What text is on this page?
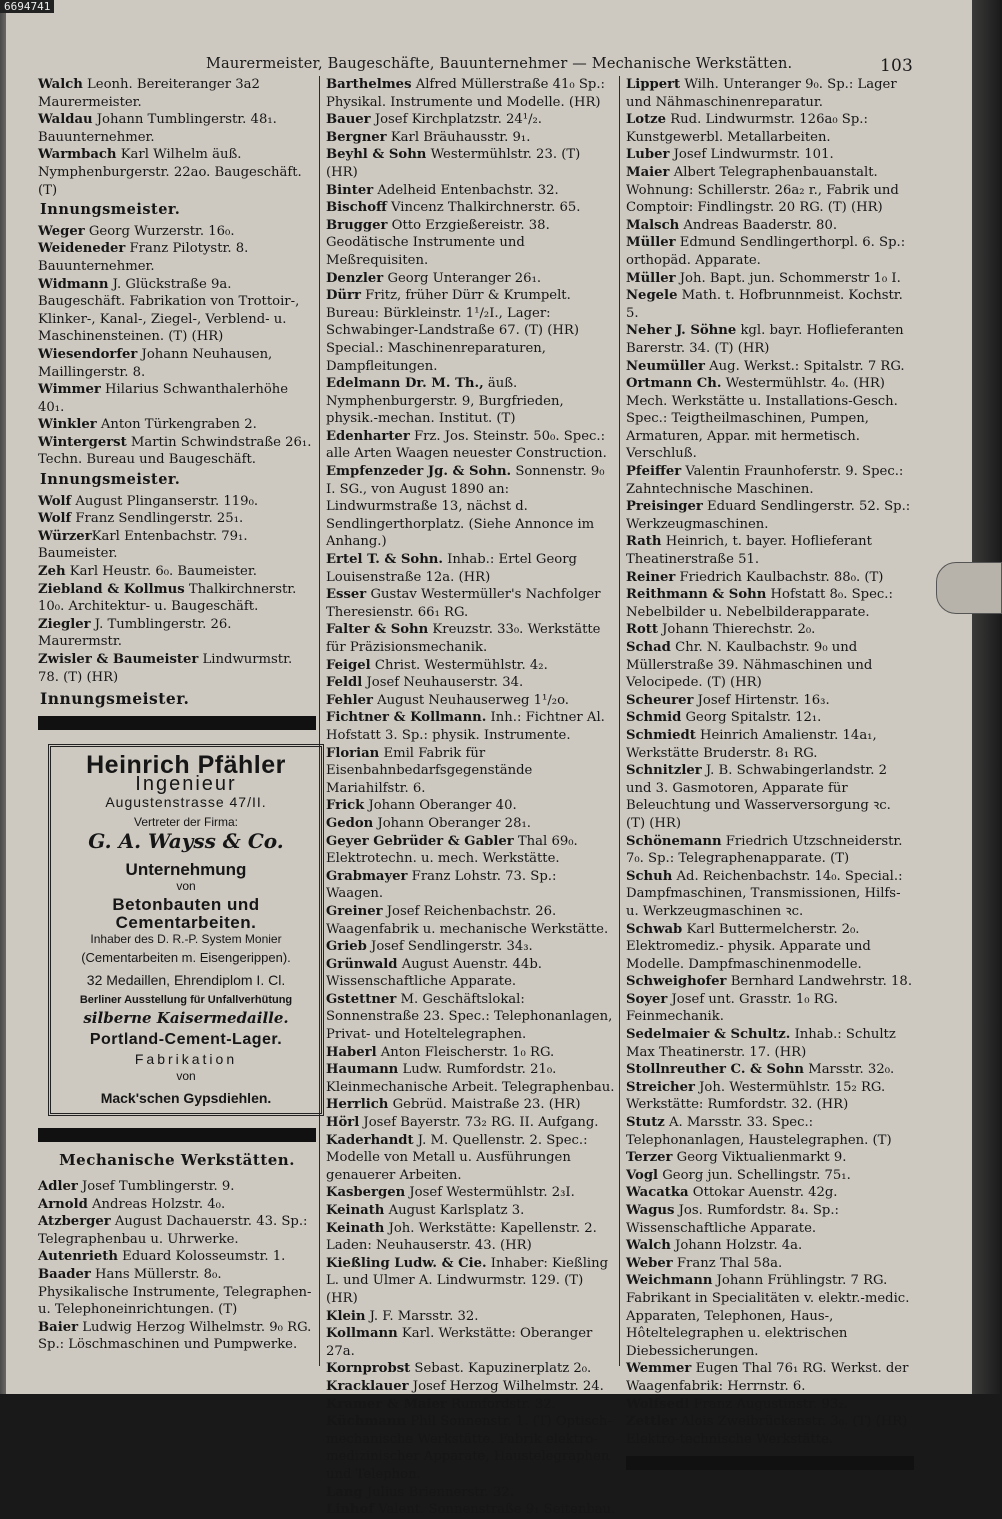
Maurermeister, Baugeschäfte, Bauunternehmer — Mechanische Werkstätten.	103

Walch Leonh. Bereiteranger 3a2 Maurermeister.

Waldau Johann Tumblingerstr. 48₁. Bauunternehmer.

Warmbach Karl Wilhelm äuß. Nymphenburgerstr. 22ao. Baugeschäft. (T)

Innungsmeister.

Weger Georg Wurzerstr. 16₀.

Weideneder Franz Pilotystr. 8. Bauunternehmer.

Widmann J. Glückstraße 9a. Baugeschäft. Fabrikation von Trottoir-, Klinker-, Kanal-, Ziegel-, Verblend- u. Maschinensteinen. (T) (HR)

Wiesendorfer Johann Neuhausen, Maillingerstr. 8.

Wimmer Hilarius Schwanthalerhöhe 40₁.

Winkler Anton Türkengraben 2.

Wintergerst Martin Schwindstraße 26₁. Techn. Bureau und Baugeschäft.

Innungsmeister.

Wolf August Plinganserstr. 119₀.

Wolf Franz Sendlingerstr. 25₁.

WürzerKarl Entenbachstr. 79₁. Baumeister.

Zeh Karl Heustr. 6₀. Baumeister.

Ziebland & Kollmus Thalkirchnerstr. 10₀. Architektur- u. Baugeschäft.

Ziegler J. Tumblingerstr. 26. Maurermstr.

Zwisler & Baumeister Lindwurmstr. 78. (T) (HR)

Innungsmeister.
Heinrich Pfähler
Ingenieur
Augustenstrasse 47/II.
Vertreter der Firma:
G. A. Wayss & Co.
Unternehmung
von
Betonbauten und Cementarbeiten.
Inhaber des D. R.-P. System Monier
(Cementarbeiten m. Eisengerippen).
32 Medaillen, Ehrendiplom I. Cl.
Berliner Ausstellung für Unfallverhütung
silberne Kaisermedaille.
Portland-Cement-Lager.
Fabrikation
von
Mack'schen Gypsdiehlen.
Mechanische Werkstätten.

Adler Josef Tumblingerstr. 9.

Arnold Andreas Holzstr. 4₀.

Atzberger August Dachauerstr. 43. Sp.: Telegraphenbau u. Uhrwerke.

Autenrieth Eduard Kolosseumstr. 1.

Baader Hans Müllerstr. 8₀. Physikalische Instrumente, Telegraphen- u. Telephoneinrichtungen. (T)

Baier Ludwig Herzog Wilhelmstr. 9₀ RG. Sp.: Löschmaschinen und Pumpwerke.

Barthelmes Alfred Müllerstraße 41₀ Sp.: Physikal. Instrumente und Modelle. (HR)

Bauer Josef Kirchplatzstr. 24¹/₂.

Bergner Karl Bräuhausstr. 9₁.

Beyhl & Sohn Westermühlstr. 23. (T) (HR)

Binter Adelheid Entenbachstr. 32.

Bischoff Vincenz Thalkirchnerstr. 65.

Brugger Otto Erzgießereistr. 38. Geodätische Instrumente und Meßrequisiten.

Denzler Georg Unteranger 26₁.

Dürr Fritz, früher Dürr & Krumpelt. Bureau: Bürkleinstr. 1¹/₂I., Lager: Schwabinger-Landstraße 67. (T) (HR) Special.: Maschinenreparaturen, Dampfleitungen.

Edelmann Dr. M. Th., äuß. Nymphenburgerstr. 9, Burgfrieden, physik.-mechan. Institut. (T)

Edenharter Frz. Jos. Steinstr. 50₀. Spec.: alle Arten Waagen neuester Construction.

Empfenzeder Jg. & Sohn. Sonnenstr. 9₀ I. SG., von August 1890 an: Lindwurmstraße 13, nächst d. Sendlingerthorplatz. (Siehe Annonce im Anhang.)

Ertel T. & Sohn. Inhab.: Ertel Georg Louisenstraße 12a. (HR)

Esser Gustav Westermüller's Nachfolger Theresienstr. 66₁ RG.

Falter & Sohn Kreuzstr. 33₀. Werkstätte für Präzisionsmechanik.

Feigel Christ. Westermühlstr. 4₂.

Feldl Josef Neuhauserstr. 34.

Fehler August Neuhauserweg 1¹/₂o.

Fichtner & Kollmann. Inh.: Fichtner Al. Hofstatt 3. Sp.: physik. Instrumente.

Florian Emil Fabrik für Eisenbahnbedarfsgegenstände Mariahilfstr. 6.

Frick Johann Oberanger 40.

Gedon Johann Oberanger 28₁.

Geyer Gebrüder & Gabler Thal 69₀. Elektrotechn. u. mech. Werkstätte.

Grabmayer Franz Lohstr. 73. Sp.: Waagen.

Greiner Josef Reichenbachstr. 26. Waagenfabrik u. mechanische Werkstätte.

Grieb Josef Sendlingerstr. 34₃.

Grünwald August Auenstr. 44b. Wissenschaftliche Apparate.

Gstettner M. Geschäftslokal: Sonnenstraße 23. Spec.: Telephonanlagen, Privat- und Hoteltelegraphen.

Haberl Anton Fleischerstr. 1₀ RG.

Haumann Ludw. Rumfordstr. 21₀. Kleinmechanische Arbeit. Telegraphenbau.

Herrlich Gebrüd. Maistraße 23. (HR)

Hörl Josef Bayerstr. 73₂ RG. II. Aufgang.

Kaderhandt J. M. Quellenstr. 2. Spec.: Modelle von Metall u. Ausführungen genauerer Arbeiten.

Kasbergen Josef Westermühlstr. 2₃I.

Keinath August Karlsplatz 3.

Keinath Joh. Werkstätte: Kapellenstr. 2. Laden: Neuhauserstr. 43. (HR)

Kießling Ludw. & Cie. Inhaber: Kießling L. und Ulmer A. Lindwurmstr. 129. (T) (HR)

Klein J. F. Marsstr. 32.

Kollmann Karl. Werkstätte: Oberanger 27a.

Kornprobst Sebast. Kapuzinerplatz 2₀.

Kracklauer Josef Herzog Wilhelmstr. 24.

Kramer & Maier Rumfordstr. 32.

Küchmann Phil Sonnenstr. 1. (T) Optisch-mechanische Werkstätte. Fabrik elektro-medizinischer Apparate, Haustelegraphen und Telephon.

Lang Julius Briennerstr. 32.

Linhof Valent. Sonnenstraße 9₁ Seitenbau.

Lippert Wilh. Unteranger 9₀. Sp.: Lager und Nähmaschinenreparatur.

Lotze Rud. Lindwurmstr. 126a₀ Sp.: Kunstgewerbl. Metallarbeiten.

Luber Josef Lindwurmstr. 101.

Maier Albert Telegraphenbauanstalt. Wohnung: Schillerstr. 26a₂ r., Fabrik und Comptoir: Findlingstr. 20 RG. (T) (HR)

Malsch Andreas Baaderstr. 80.

Müller Edmund Sendlingerthorpl. 6. Sp.: orthopäd. Apparate.

Müller Joh. Bapt. jun. Schommerstr 1₀ I.

Negele Math. t. Hofbrunnmeist. Kochstr. 5.

Neher J. Söhne kgl. bayr. Hoflieferanten Barerstr. 34. (T) (HR)

Neumüller Aug. Werkst.: Spitalstr. 7 RG.

Ortmann Ch. Westermühlstr. 4₀. (HR) Mech. Werkstätte u. Installations-Gesch. Spec.: Teigtheilmaschinen, Pumpen, Armaturen, Appar. mit hermetisch. Verschluß.

Pfeiffer Valentin Fraunhoferstr. 9. Spec.: Zahntechnische Maschinen.

Preisinger Eduard Sendlingerstr. 52. Sp.: Werkzeugmaschinen.

Rath Heinrich, t. bayer. Hoflieferant Theatinerstraße 51.

Reiner Friedrich Kaulbachstr. 88₀. (T)

Reithmann & Sohn Hofstatt 8₀. Spec.: Nebelbilder u. Nebelbilderapparate.

Rott Johann Thierechstr. 2₀.

Schad Chr. N. Kaulbachstr. 9₀ und Müllerstraße 39. Nähmaschinen und Velocipede. (T) (HR)

Scheurer Josef Hirtenstr. 16₃.

Schmid Georg Spitalstr. 12₁.

Schmiedt Heinrich Amalienstr. 14a₁, Werkstätte Bruderstr. 8₁ RG.

Schnitzler J. B. Schwabingerlandstr. 2 und 3. Gasmotoren, Apparate für Beleuchtung und Wasserversorgung ꝛc. (T) (HR)

Schönemann Friedrich Utzschneiderstr. 7₀. Sp.: Telegraphenapparate. (T)

Schuh Ad. Reichenbachstr. 14₀. Special.: Dampfmaschinen, Transmissionen, Hilfs- u. Werkzeugmaschinen ꝛc.

Schwab Karl Buttermelcherstr. 2₀. Elektromediz.- physik. Apparate und Modelle. Dampfmaschinenmodelle.

Schweighofer Bernhard Landwehrstr. 18.

Soyer Josef unt. Grasstr. 1₀ RG. Feinmechanik.

Sedelmaier & Schultz. Inhab.: Schultz Max Theatinerstr. 17. (HR)

Stollnreuther C. & Sohn Marsstr. 32₀.

Streicher Joh. Westermühlstr. 15₂ RG. Werkstätte: Rumfordstr. 32. (HR)

Stutz A. Marsstr. 33. Spec.: Telephonanlagen, Haustelegraphen. (T)

Terzer Georg Viktualienmarkt 9.

Vogl Georg jun. Schellingstr. 75₁.

Wacatka Ottokar Auenstr. 42g.

Wagus Jos. Rumfordstr. 8₄. Sp.: Wissenschaftliche Apparate.

Walch Johann Holzstr. 4a.

Weber Franz Thal 58a.

Weichmann Johann Frühlingstr. 7 RG. Fabrikant in Specialitäten v. elektr.-medic. Apparaten, Telephonen, Haus-, Hôteltelegraphen u. elektrischen Diebessicherungen.

Wemmer Eugen Thal 76₁ RG. Werkst. der Waagenfabrik: Herrnstr. 6.

Wolfsedl Franz Augustinstr. 93₂.

Zettler Alois Zweibrückenstr. 3₀. (T) (HR) Elektro-technische Werkstätte.

6694741
